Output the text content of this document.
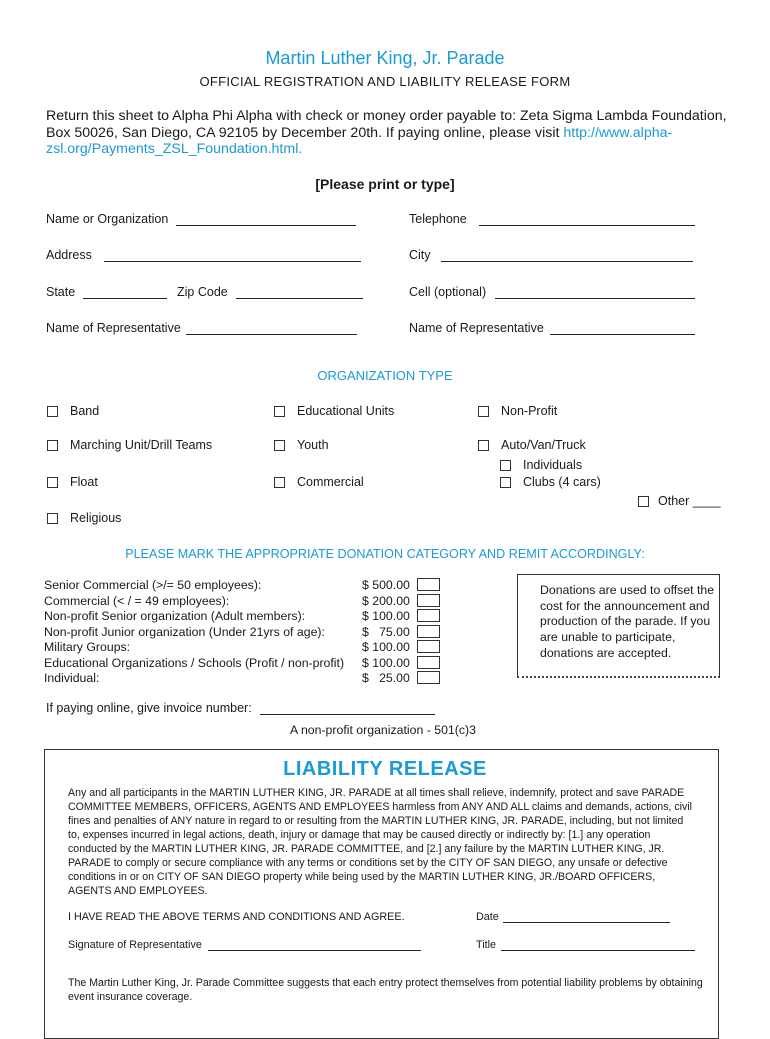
Martin Luther King, Jr. Parade
OFFICIAL REGISTRATION AND LIABILITY RELEASE FORM
Return this sheet to Alpha Phi Alpha with check or money order payable to: Zeta Sigma Lambda Foundation, Box 50026, San Diego, CA 92105 by December 20th. If paying online, please visit http://www.alpha-zsl.org/Payments_ZSL_Foundation.html.
[Please print or type]
Name or Organization	Telephone
Address	City
State	Zip Code	Cell (optional)
Name of Representative	Name of Representative
ORGANIZATION TYPE
Band	Educational Units	Non-Profit
Marching Unit/Drill Teams	Youth	Auto/Van/Truck
Individuals
Float	Commercial	Clubs (4 cars)
Other ____
Religious
PLEASE MARK THE APPROPRIATE DONATION CATEGORY AND REMIT ACCORDINGLY:
Senior Commercial (>/= 50 employees):	$ 500.00
Commercial (< / = 49 employees):	$ 200.00
Non-profit Senior organization (Adult members):	$ 100.00
Non-profit Junior organization (Under 21yrs of age):	$   75.00
Military Groups:	$ 100.00
Educational Organizations / Schools (Profit / non-profit) $ 100.00
Individual:	$   25.00
Donations are used to offset the cost for the announcement and production of the parade. If you are unable to participate, donations are accepted.
If paying online, give invoice number:
A non-profit organization - 501(c)3
LIABILITY RELEASE
Any and all participants in the MARTIN LUTHER KING, JR. PARADE at all times shall relieve, indemnify, protect and save PARADE COMMITTEE MEMBERS, OFFICERS, AGENTS AND EMPLOYEES harmless from ANY AND ALL claims and demands, actions, civil fines and penalties of ANY nature in regard to or resulting from the MARTIN LUTHER KING, JR. PARADE, including, but not limited to, expenses incurred in legal actions, death, injury or damage that may be caused directly or indirectly by: [1.] any operation conducted by the MARTIN LUTHER KING, JR. PARADE COMMITTEE, and [2.] any failure by the MARTIN LUTHER KING, JR. PARADE to comply or secure compliance with any terms or conditions set by the CITY OF SAN DIEGO, any unsafe or defective conditions in or on CITY OF SAN DIEGO property while being used by the MARTIN LUTHER KING, JR./BOARD OFFICERS, AGENTS AND EMPLOYEES.
I HAVE READ THE ABOVE TERMS AND CONDITIONS AND AGREE.	Date
Signature of Representative	Title
The Martin Luther King, Jr. Parade Committee suggests that each entry protect themselves from potential liability problems by obtaining event insurance coverage.
